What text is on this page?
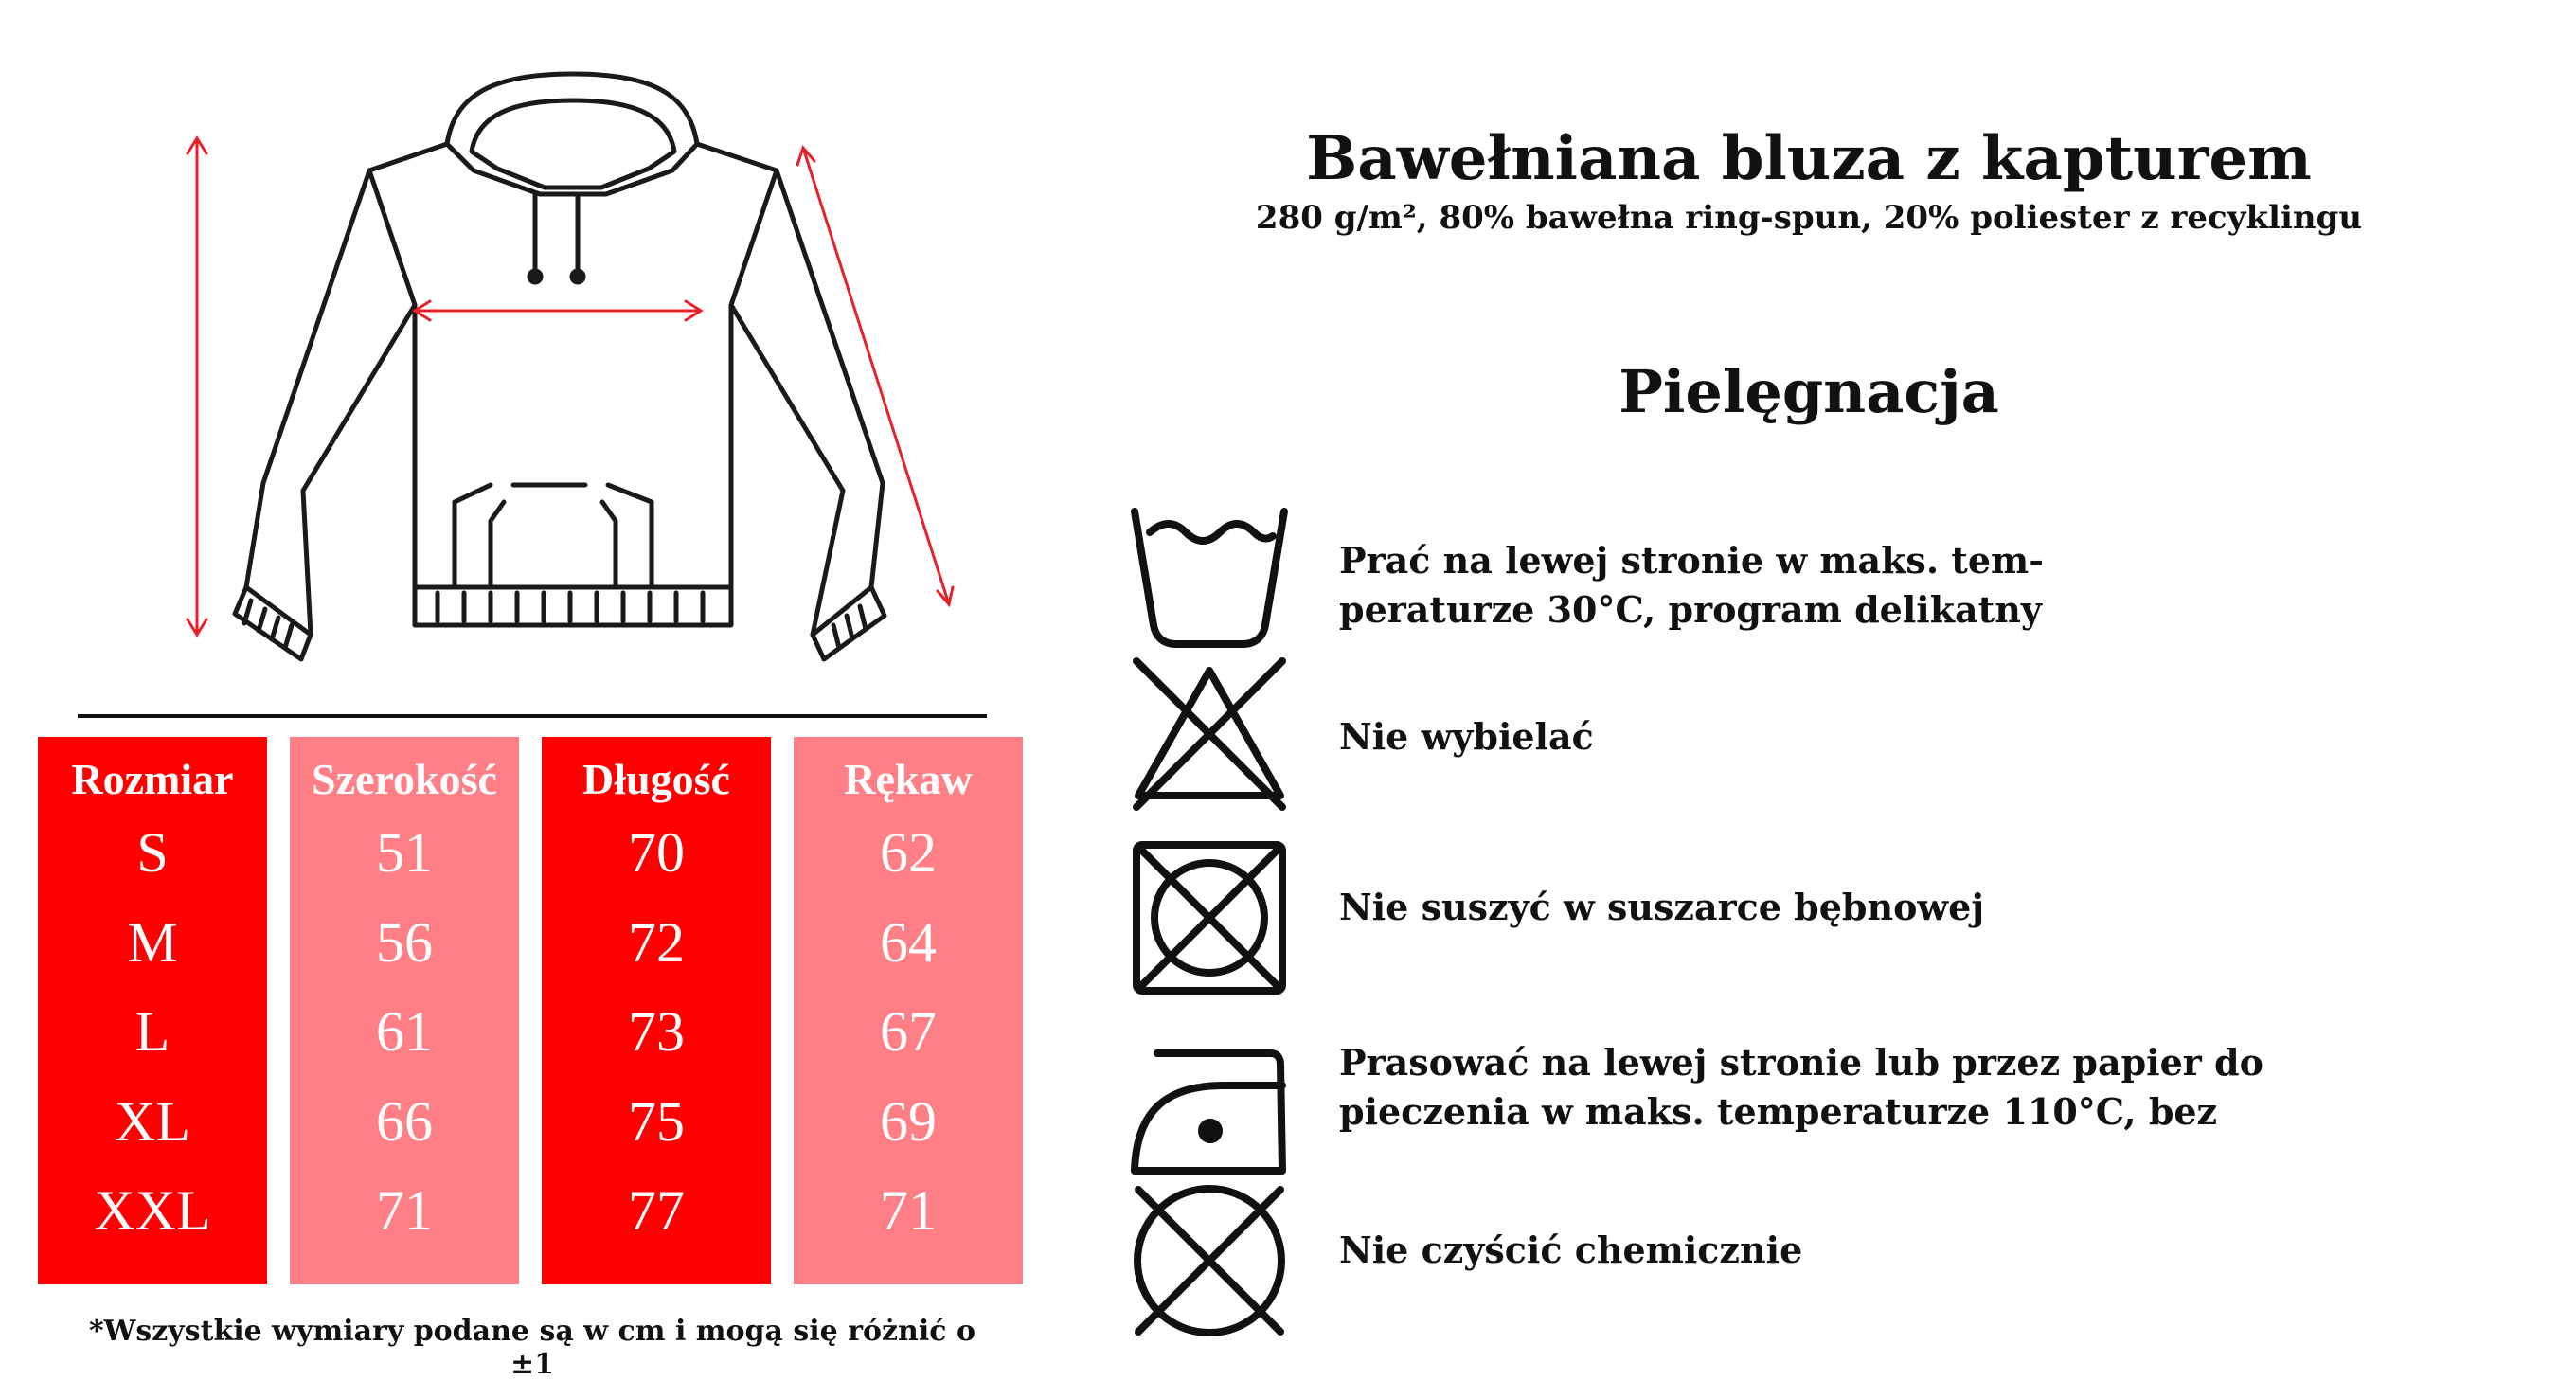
Rozmiar
S
M
L
XL
XXL
Szerokość
51
56
61
66
71
Długość
70
72
73
75
77
Rękaw
62
64
67
69
71
*Wszystkie wymiary podane są w cm i mogą się różnić o ±1
Bawełniana bluza z kapturem
280 g/m², 80% bawełna ring-spun, 20% poliester z recyklingu
Pielęgnacja
Prać na lewej stronie w maks. tem-
peraturze 30°C, program delikatny
Nie wybielać
Nie suszyć w suszarce bębnowej
Prasować na lewej stronie lub przez papier do
pieczenia w maks. temperaturze 110°C, bez
Nie czyścić chemicznie
